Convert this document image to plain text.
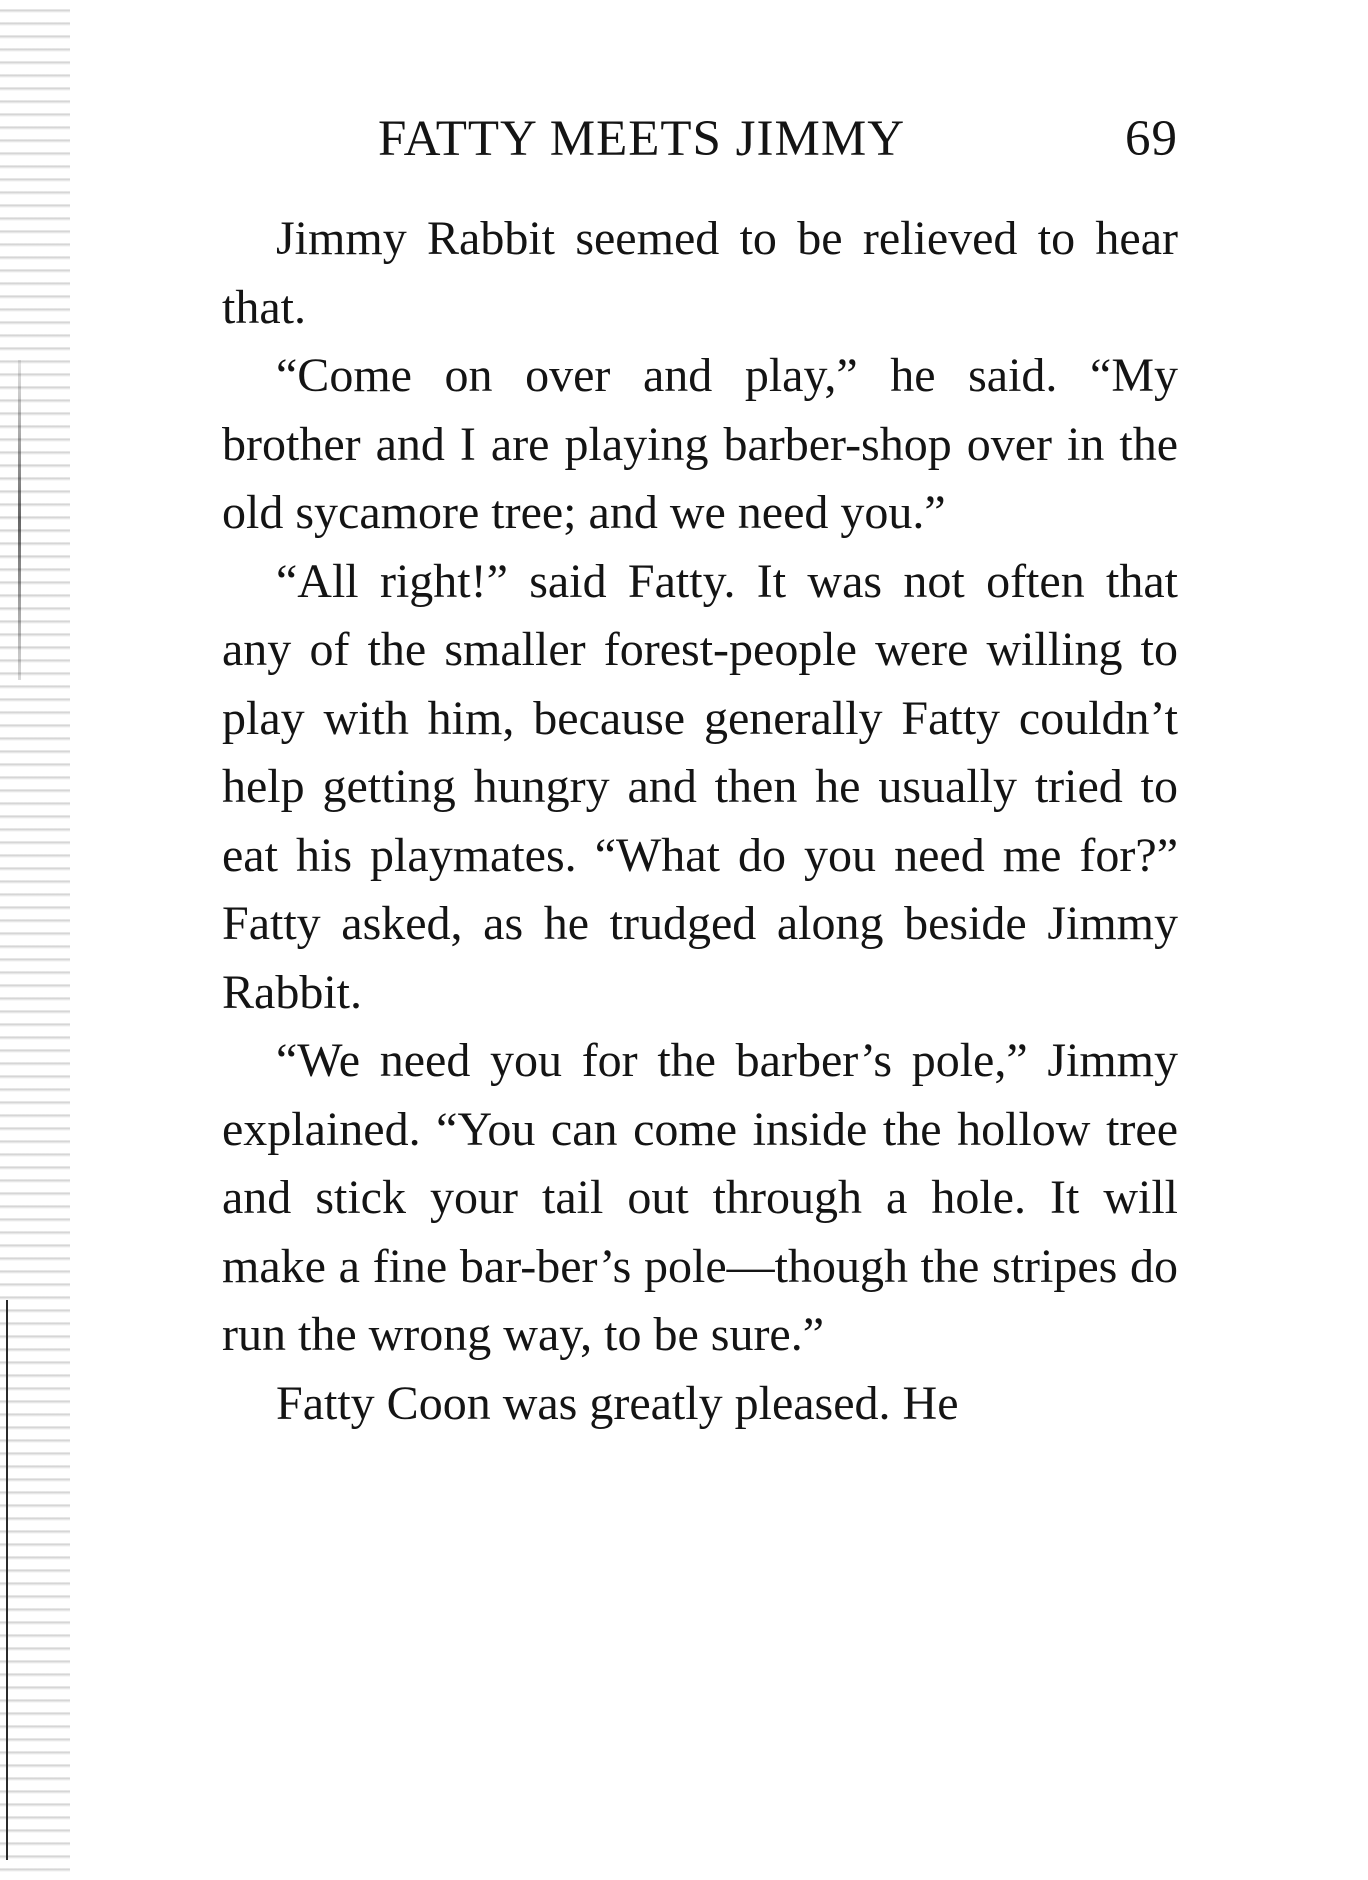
FATTY MEETS JIMMY	69

Jimmy Rabbit seemed to be relieved to hear that.

“Come on over and play,” he said. “My brother and I are playing barber-shop over in the old sycamore tree; and we need you.”

“All right!” said Fatty. It was not often that any of the smaller forest-people were willing to play with him, because generally Fatty couldn’t help getting hungry and then he usually tried to eat his playmates. “What do you need me for?” Fatty asked, as he trudged along beside Jimmy Rabbit.

“We need you for the barber’s pole,” Jimmy explained. “You can come inside the hollow tree and stick your tail out through a hole. It will make a fine bar-ber’s pole—though the stripes do run the wrong way, to be sure.”

Fatty Coon was greatly pleased. He
